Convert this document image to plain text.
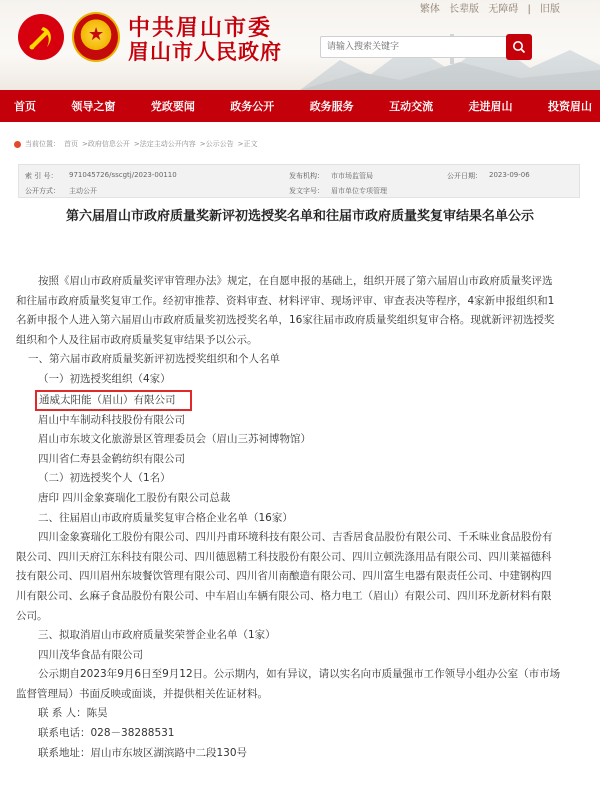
繁体 长辈版 无障碍 | 旧版
★
中共眉山市委
眉山市人民政府	请输入搜索关键字
首页	领导之窗	党政要闻	政务公开	政务服务	互动交流	走进眉山	投资眉山
当前位置： 首页 >政府信息公开 >法定主动公开内容 >公示公告 >正文
索 引 号： 971045726/sscgtj/2023-00110	发布机构： 市市场监管局	公开日期： 2023-09-06
公开方式： 主动公开	发文字号： 眉市单位专项管理
第六届眉山市政府质量奖新评初选授奖名单和往届市政府质量奖复审结果名单公示

按照《眉山市政府质量奖评审管理办法》规定，在自愿申报的基础上，组织开展了第六届眉山市政府质量奖评选

和往届市政府质量奖复审工作。经初审推荐、资料审查、材料评审、现场评审、审查表决等程序，4家新申报组织和1

名新申报个人进入第六届眉山市政府质量奖初选授奖名单，16家往届市政府质量奖组织复审合格。现就新评初选授奖

组织和个人及往届市政府质量奖复审结果予以公示。

一、第六届市政府质量奖新评初选授奖组织和个人名单

（一）初选授奖组织（4家）

通威太阳能（眉山）有限公司

眉山中车制动科技股份有限公司

眉山市东坡文化旅游景区管理委员会（眉山三苏祠博物馆）

四川省仁寿县金鹤纺织有限公司

（二）初选授奖个人（1名）

唐印 四川金象赛瑞化工股份有限公司总裁

二、往届眉山市政府质量奖复审合格企业名单（16家）

四川金象赛瑞化工股份有限公司、四川丹甫环境科技有限公司、吉香居食品股份有限公司、千禾味业食品股份有

限公司、四川天府江东科技有限公司、四川德恩精工科技股份有限公司、四川立顿洗涤用品有限公司、四川莱福德科

技有限公司、四川眉州东坡餐饮管理有限公司、四川省川南酿造有限公司、四川富生电器有限责任公司、中建钢构四

川有限公司、幺麻子食品股份有限公司、中车眉山车辆有限公司、格力电工（眉山）有限公司、四川环龙新材料有限

公司。

三、拟取消眉山市政府质量奖荣誉企业名单（1家）

四川茂华食品有限公司

公示期自2023年9月6日至9月12日。公示期内，如有异议，请以实名向市质量强市工作领导小组办公室（市市场

监督管理局）书面反映或面谈，并提供相关佐证材料。

联 系 人：陈昊

联系电话：028－38288531

联系地址：眉山市东坡区湖滨路中二段130号
